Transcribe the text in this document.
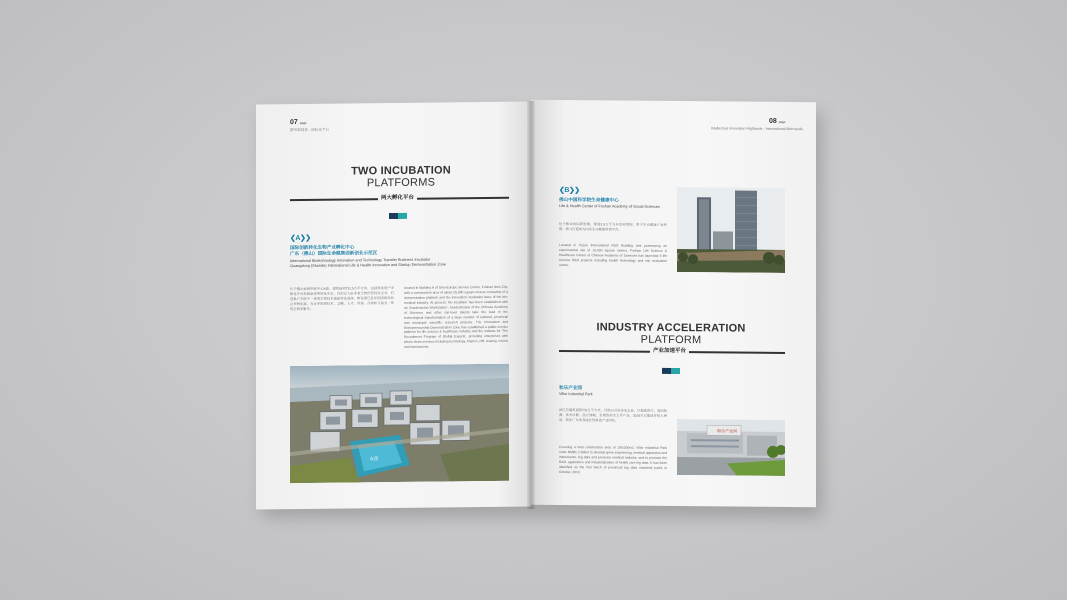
07 page
繁荣新载体 · 国际化平台
TWO INCUBATION
PLATFORMS
两大孵化平台
❮A❯❯
国际创新转化生物产业孵化中心
广东（佛山）国际生命健康创新创业示范区
International Biotechnology Innovation and Technology Transfer Business Incubator
Guangdong (Shunde) International Life & Health Innovation and Startup Demonstration Zone
位于佛山新城中欧中心A座，建筑面积约2.5万平方米，包括科技型产业孵化平台和创新成果转化平台，目前已入驻多家生物医药科技企业，打造集产学研于一体的生物技术创新转化载体。孵化器已获评国家级科技企业孵化器，为企业提供技术、金融、人才、政策、法律和交易为一体的全链条服务。
located in Building A of Sino-Europe Service Center, Foshan New City, with a construction area of about 25,000 square meters consisting of a demonstration platform and the innovation incubation base of the bio-medical industry. At present, the incubator has been established with an 'Academician Workstation', Academicians of the Chinese Academy of Sciences and other top-level talents take the lead in the technological transformation of a large number of national, provincial and municipal scientific research projects. The Innovation and Entrepreneurship Demonstration Zone has established a public service platform for life science & healthcare industry and the institute for 'The Recruitment Program of Global Experts', providing enterprises with whole-chain services including technology, finance, HR, leasing, review and transactions.
A座
08 page
Intellectual Innovation Highlands · International Metropolis
❮B❯❯
佛山中国科学院生命健康中心
Life & Health Center of Foshan Academy of Social Sciences
位于紫金国际研发楼，规划3.5万平方米实验用地，用于生命健康产业科研，致力打造成为国家生命健康科技平台。
Located in Yezun International R&D Building and possessing an experimental site of 15,000 square meters, Foshan Life Science & Healthcare Center of Chinese Academy of Sciences has launched 8 life science R&D projects including health technology and risk evaluation center.
INDUSTRY ACCELERATION
PLATFORM
产业加速平台
和乐产业园
Villor Industrial Park
园区总建筑面积约5万平方米，目前已引进多家企业，以精准医疗、基因检测、体外诊断、医疗器械、生物医药为主导产业，2019年已建成并投入使用，获评广东省高成长性科技产业园区。
Covering a total construction area of 180,000m2, Villor Industrial Park costs RMB1.2 billion to develop gene sequencing, medical apparatus and instruments, big data and precision medical industry, and to promote the R&D, application and industrialization of health care big data. It has been identified as the first batch of provincial big data industrial parks in October, 2018.
和乐产业园
